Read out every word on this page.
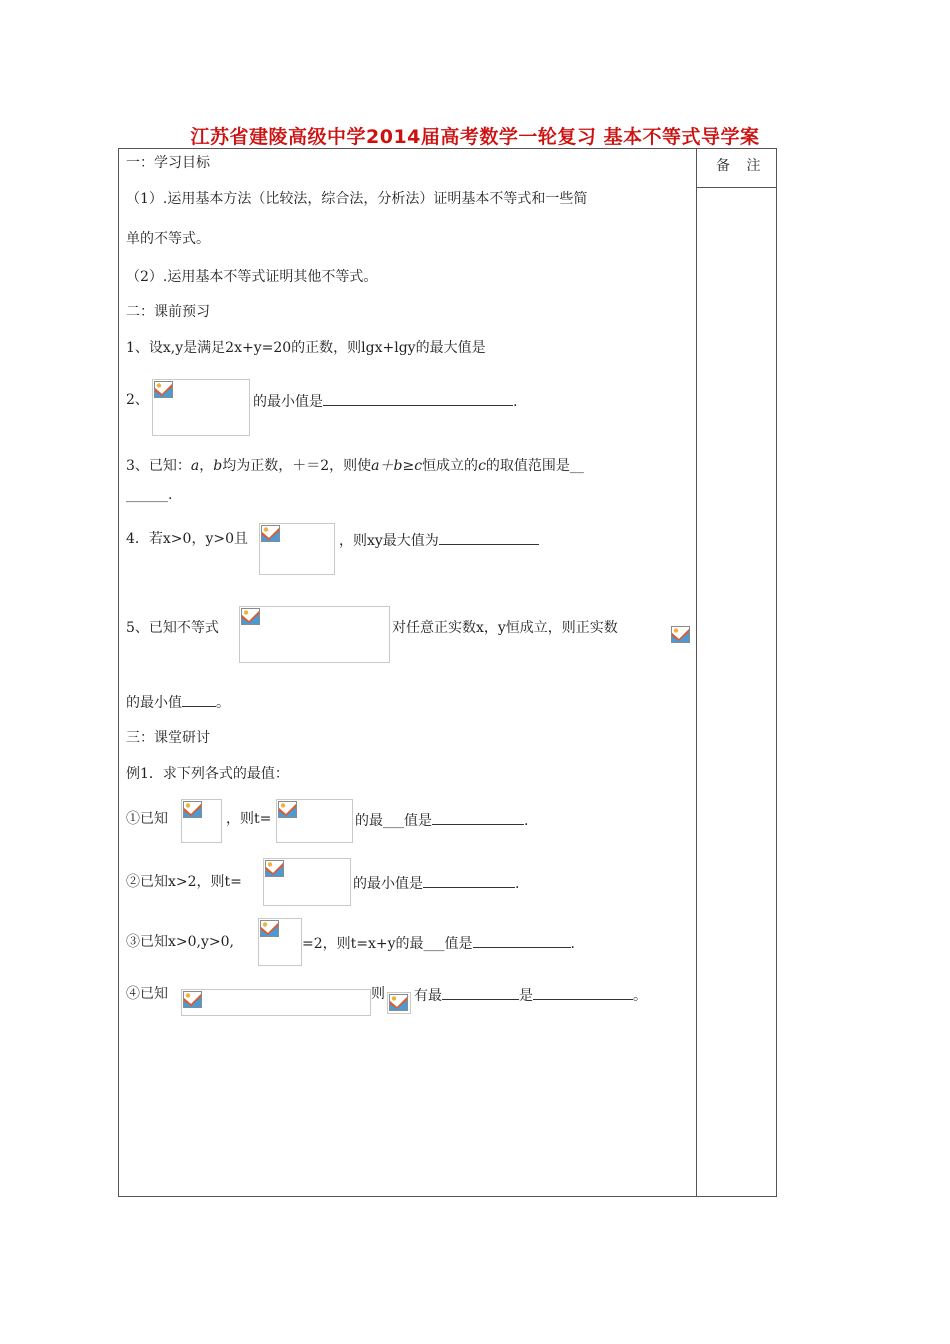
江苏省建陵高级中学2014届高考数学一轮复习 基本不等式导学案
备 注
一：学习目标
（1）.运用基本方法（比较法，综合法，分析法）证明基本不等式和一些简
单的不等式。
（2）.运用基本不等式证明其他不等式。
二：课前预习
1、设x,y是满足2x+y=20的正数，则lgx+lgy的最大值是
2、	的最小值是	.
3、已知：a，b均为正数，＋＝2，则使a＋b≥c恒成立的c的取值范围是__
______.
4．若x>0，y>0且	，则xy最大值为
5、已知不等式	对任意正实数x，y恒成立，则正实数
的最小值 。
三：课堂研讨
例1．求下列各式的最值：
①已知	，则t=	的最___值是	.
②已知x>2，则t=	的最小值是	.
③已知x>0,y>0,	=2，则t=x+y的最___值是	.
④已知	则 有最	是	。
